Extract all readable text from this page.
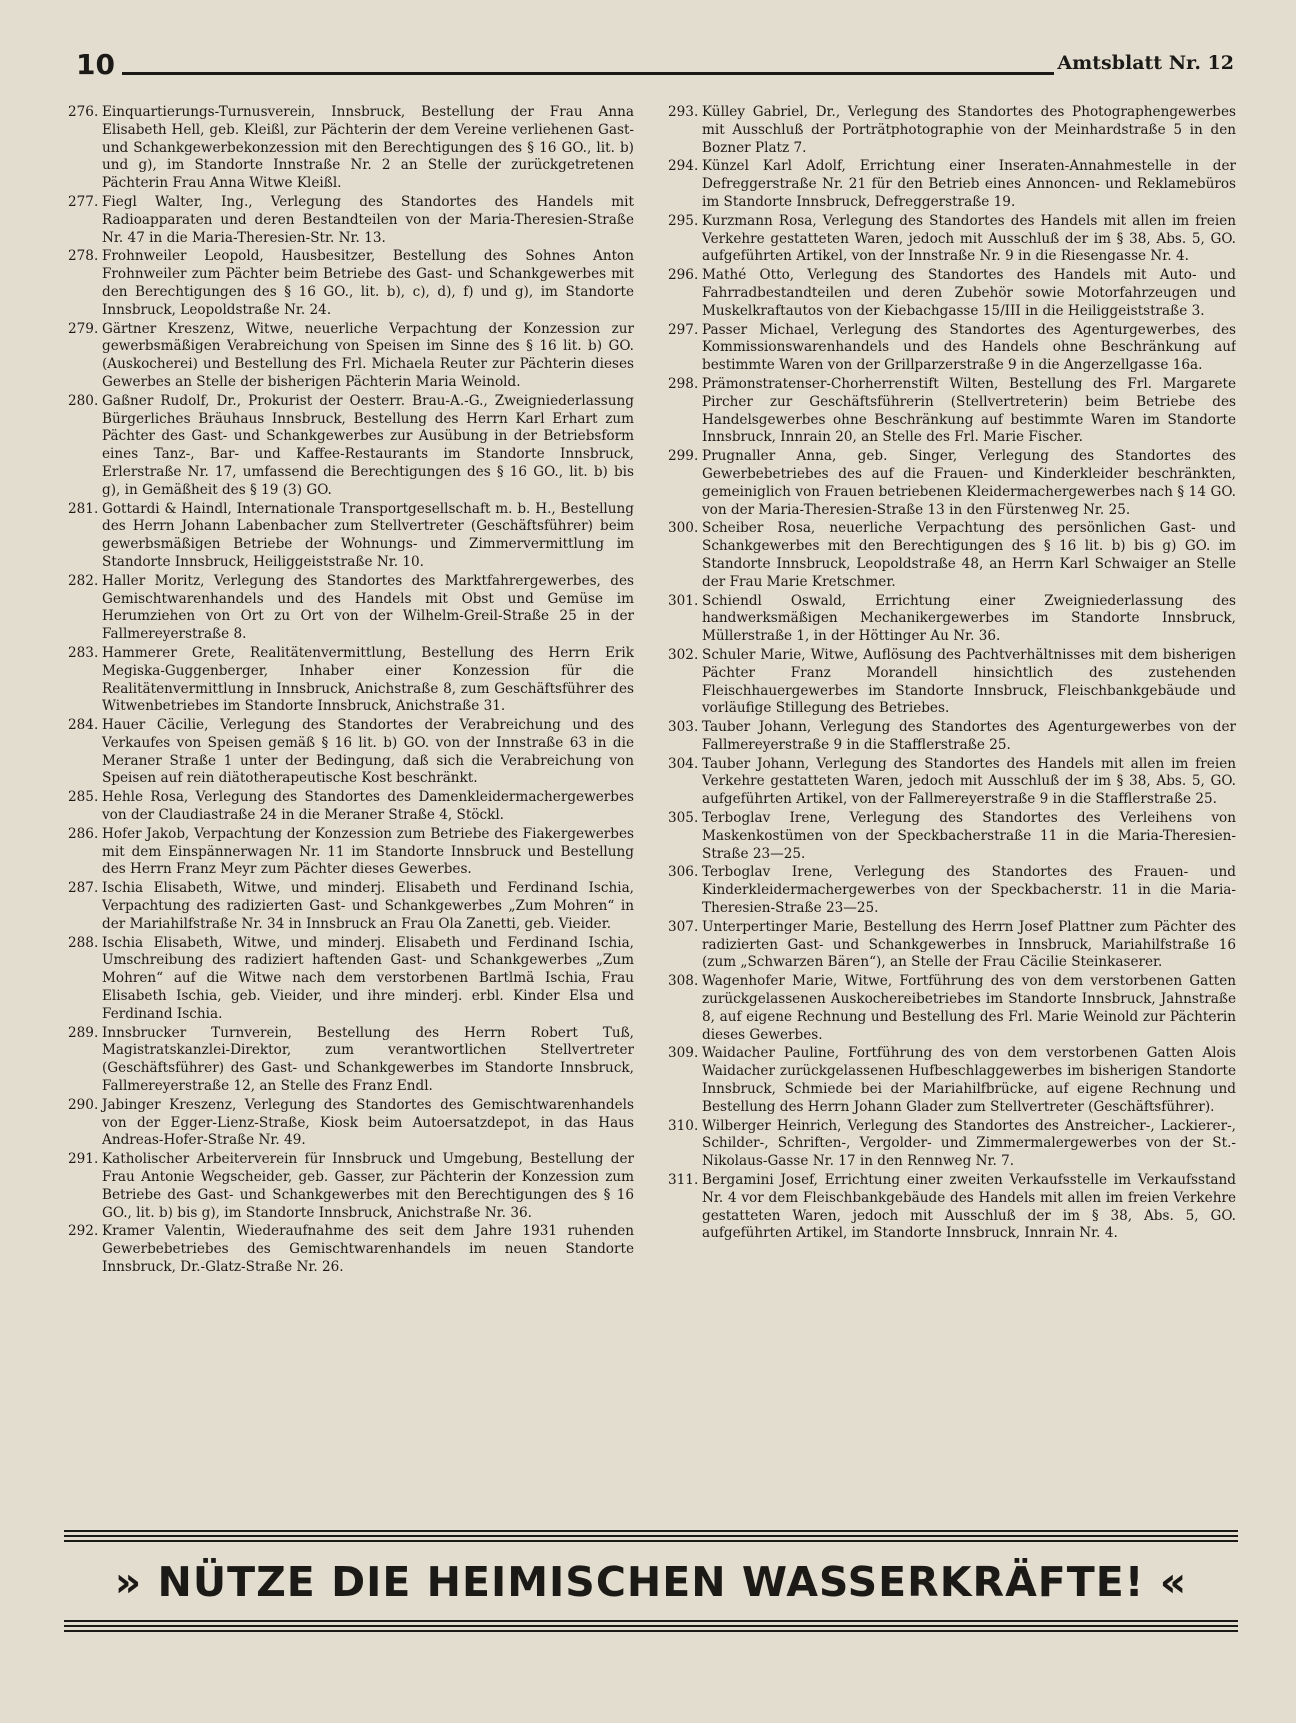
10	Amtsblatt Nr. 12
276. Einquartierungs-Turnusverein, Innsbruck, Bestellung der Frau Anna Elisabeth Hell, geb. Kleißl, zur Pächterin der dem Vereine verliehenen Gast- und Schankgewerbekonzession mit den Berechtigungen des § 16 GO., lit. b) und g), im Standorte Innstraße Nr. 2 an Stelle der zurückgetretenen Pächterin Frau Anna Witwe Kleißl.
277. Fiegl Walter, Ing., Verlegung des Standortes des Handels mit Radioapparaten und deren Bestandteilen von der Maria-Theresien-Straße Nr. 47 in die Maria-Theresien-Str. Nr. 13.
278. Frohnweiler Leopold, Hausbesitzer, Bestellung des Sohnes Anton Frohnweiler zum Pächter beim Betriebe des Gast- und Schankgewerbes mit den Berechtigungen des § 16 GO., lit. b), c), d), f) und g), im Standorte Innsbruck, Leopoldstraße Nr. 24.
279. Gärtner Kreszenz, Witwe, neuerliche Verpachtung der Konzession zur gewerbsmäßigen Verabreichung von Speisen im Sinne des § 16 lit. b) GO. (Auskocherei) und Bestellung des Frl. Michaela Reuter zur Pächterin dieses Gewerbes an Stelle der bisherigen Pächterin Maria Weinold.
280. Gaßner Rudolf, Dr., Prokurist der Oesterr. Brau-A.-G., Zweigniederlassung Bürgerliches Bräuhaus Innsbruck, Bestellung des Herrn Karl Erhart zum Pächter des Gast- und Schankgewerbes zur Ausübung in der Betriebsform eines Tanz-, Bar- und Kaffee-Restaurants im Standorte Innsbruck, Erlerstraße Nr. 17, umfassend die Berechtigungen des § 16 GO., lit. b) bis g), in Gemäßheit des § 19 (3) GO.
281. Gottardi & Haindl, Internationale Transportgesellschaft m. b. H., Bestellung des Herrn Johann Labenbacher zum Stellvertreter (Geschäftsführer) beim gewerbsmäßigen Betriebe der Wohnungs- und Zimmervermittlung im Standorte Innsbruck, Heiliggeiststraße Nr. 10.
282. Haller Moritz, Verlegung des Standortes des Marktfahrergewerbes, des Gemischtwarenhandels und des Handels mit Obst und Gemüse im Herumziehen von Ort zu Ort von der Wilhelm-Greil-Straße 25 in der Fallmereyerstraße 8.
283. Hammerer Grete, Realitätenvermittlung, Bestellung des Herrn Erik Megiska-Guggenberger, Inhaber einer Konzession für die Realitätenvermittlung in Innsbruck, Anichstraße 8, zum Geschäftsführer des Witwenbetriebes im Standorte Innsbruck, Anichstraße 31.
284. Hauer Cäcilie, Verlegung des Standortes der Verabreichung und des Verkaufes von Speisen gemäß § 16 lit. b) GO. von der Innstraße 63 in die Meraner Straße 1 unter der Bedingung, daß sich die Verabreichung von Speisen auf rein diätotherapeutische Kost beschränkt.
285. Hehle Rosa, Verlegung des Standortes des Damenkleidermachergewerbes von der Claudiastraße 24 in die Meraner Straße 4, Stöckl.
286. Hofer Jakob, Verpachtung der Konzession zum Betriebe des Fiakergewerbes mit dem Einspännerwagen Nr. 11 im Standorte Innsbruck und Bestellung des Herrn Franz Meyr zum Pächter dieses Gewerbes.
287. Ischia Elisabeth, Witwe, und minderj. Elisabeth und Ferdinand Ischia, Verpachtung des radizierten Gast- und Schankgewerbes „Zum Mohren“ in der Mariahilfstraße Nr. 34 in Innsbruck an Frau Ola Zanetti, geb. Vieider.
288. Ischia Elisabeth, Witwe, und minderj. Elisabeth und Ferdinand Ischia, Umschreibung des radiziert haftenden Gast- und Schankgewerbes „Zum Mohren“ auf die Witwe nach dem verstorbenen Bartlmä Ischia, Frau Elisabeth Ischia, geb. Vieider, und ihre minderj. erbl. Kinder Elsa und Ferdinand Ischia.
289. Innsbrucker Turnverein, Bestellung des Herrn Robert Tuß, Magistratskanzlei-Direktor, zum verantwortlichen Stellvertreter (Geschäftsführer) des Gast- und Schankgewerbes im Standorte Innsbruck, Fallmereyerstraße 12, an Stelle des Franz Endl.
290. Jabinger Kreszenz, Verlegung des Standortes des Gemischtwarenhandels von der Egger-Lienz-Straße, Kiosk beim Autoersatzdepot, in das Haus Andreas-Hofer-Straße Nr. 49.
291. Katholischer Arbeiterverein für Innsbruck und Umgebung, Bestellung der Frau Antonie Wegscheider, geb. Gasser, zur Pächterin der Konzession zum Betriebe des Gast- und Schankgewerbes mit den Berechtigungen des § 16 GO., lit. b) bis g), im Standorte Innsbruck, Anichstraße Nr. 36.
292. Kramer Valentin, Wiederaufnahme des seit dem Jahre 1931 ruhenden Gewerbebetriebes des Gemischtwarenhandels im neuen Standorte Innsbruck, Dr.-Glatz-Straße Nr. 26.
293. Külley Gabriel, Dr., Verlegung des Standortes des Photographengewerbes mit Ausschluß der Porträtphotographie von der Meinhardstraße 5 in den Bozner Platz 7.
294. Künzel Karl Adolf, Errichtung einer Inseraten-Annahmestelle in der Defreggerstraße Nr. 21 für den Betrieb eines Annoncen- und Reklamebüros im Standorte Innsbruck, Defreggerstraße 19.
295. Kurzmann Rosa, Verlegung des Standortes des Handels mit allen im freien Verkehre gestatteten Waren, jedoch mit Ausschluß der im § 38, Abs. 5, GO. aufgeführten Artikel, von der Innstraße Nr. 9 in die Riesengasse Nr. 4.
296. Mathé Otto, Verlegung des Standortes des Handels mit Auto- und Fahrradbestandteilen und deren Zubehör sowie Motorfahrzeugen und Muskelkraftautos von der Kiebachgasse 15/III in die Heiliggeiststraße 3.
297. Passer Michael, Verlegung des Standortes des Agenturgewerbes, des Kommissionswarenhandels und des Handels ohne Beschränkung auf bestimmte Waren von der Grillparzerstraße 9 in die Angerzellgasse 16a.
298. Prämonstratenser-Chorherrenstift Wilten, Bestellung des Frl. Margarete Pircher zur Geschäftsführerin (Stellvertreterin) beim Betriebe des Handelsgewerbes ohne Beschränkung auf bestimmte Waren im Standorte Innsbruck, Innrain 20, an Stelle des Frl. Marie Fischer.
299. Prugnaller Anna, geb. Singer, Verlegung des Standortes des Gewerbebetriebes des auf die Frauen- und Kinderkleider beschränkten, gemeiniglich von Frauen betriebenen Kleidermachergewerbes nach § 14 GO. von der Maria-Theresien-Straße 13 in den Fürstenweg Nr. 25.
300. Scheiber Rosa, neuerliche Verpachtung des persönlichen Gast- und Schankgewerbes mit den Berechtigungen des § 16 lit. b) bis g) GO. im Standorte Innsbruck, Leopoldstraße 48, an Herrn Karl Schwaiger an Stelle der Frau Marie Kretschmer.
301. Schiendl Oswald, Errichtung einer Zweigniederlassung des handwerksmäßigen Mechanikergewerbes im Standorte Innsbruck, Müllerstraße 1, in der Höttinger Au Nr. 36.
302. Schuler Marie, Witwe, Auflösung des Pachtverhältnisses mit dem bisherigen Pächter Franz Morandell hinsichtlich des zustehenden Fleischhauergewerbes im Standorte Innsbruck, Fleischbankgebäude und vorläufige Stillegung des Betriebes.
303. Tauber Johann, Verlegung des Standortes des Agenturgewerbes von der Fallmereyerstraße 9 in die Stafflerstraße 25.
304. Tauber Johann, Verlegung des Standortes des Handels mit allen im freien Verkehre gestatteten Waren, jedoch mit Ausschluß der im § 38, Abs. 5, GO. aufgeführten Artikel, von der Fallmereyerstraße 9 in die Stafflerstraße 25.
305. Terboglav Irene, Verlegung des Standortes des Verleihens von Maskenkostümen von der Speckbacherstraße 11 in die Maria-Theresien-Straße 23—25.
306. Terboglav Irene, Verlegung des Standortes des Frauen- und Kinderkleidermachergewerbes von der Speckbacherstr. 11 in die Maria-Theresien-Straße 23—25.
307. Unterpertinger Marie, Bestellung des Herrn Josef Plattner zum Pächter des radizierten Gast- und Schankgewerbes in Innsbruck, Mariahilfstraße 16 (zum „Schwarzen Bären“), an Stelle der Frau Cäcilie Steinkaserer.
308. Wagenhofer Marie, Witwe, Fortführung des von dem verstorbenen Gatten zurückgelassenen Auskochereibetriebes im Standorte Innsbruck, Jahnstraße 8, auf eigene Rechnung und Bestellung des Frl. Marie Weinold zur Pächterin dieses Gewerbes.
309. Waidacher Pauline, Fortführung des von dem verstorbenen Gatten Alois Waidacher zurückgelassenen Hufbeschlaggewerbes im bisherigen Standorte Innsbruck, Schmiede bei der Mariahilfbrücke, auf eigene Rechnung und Bestellung des Herrn Johann Glader zum Stellvertreter (Geschäftsführer).
310. Wilberger Heinrich, Verlegung des Standortes des Anstreicher-, Lackierer-, Schilder-, Schriften-, Vergolder- und Zimmermalergewerbes von der St.-Nikolaus-Gasse Nr. 17 in den Rennweg Nr. 7.
311. Bergamini Josef, Errichtung einer zweiten Verkaufsstelle im Verkaufsstand Nr. 4 vor dem Fleischbankgebäude des Handels mit allen im freien Verkehre gestatteten Waren, jedoch mit Ausschluß der im § 38, Abs. 5, GO. aufgeführten Artikel, im Standorte Innsbruck, Innrain Nr. 4.
» NÜTZE DIE HEIMISCHEN WASSERKRÄFTE! «
